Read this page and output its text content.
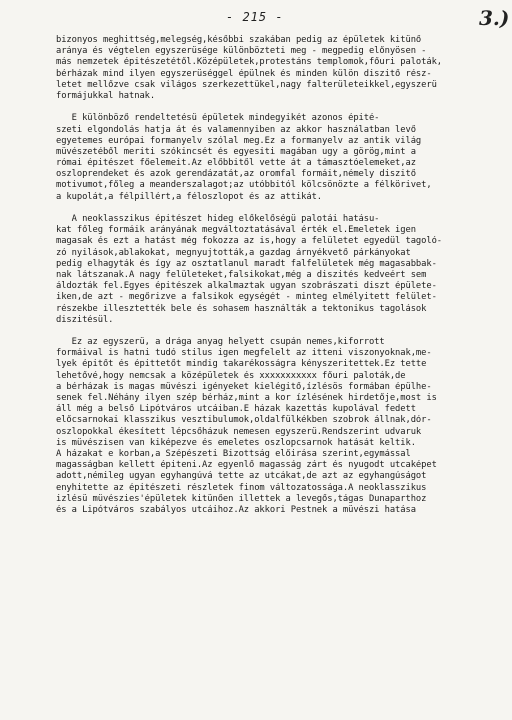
- 215 -	3.)
bizonyos meghittség,melegség,későbbi szakában pedig az épületek kitünő
aránya és végtelen egyszerüsége különbözteti meg - megpedig előnyösen -
más nemzetek épitészetétől.Középületek,protestáns templomok,főuri paloták,
bérházak mind ilyen egyszerüséggel épülnek és minden külön diszitő rész-
letet mellőzve csak világos szerkezettükel,nagy falterületeikkel,egyszerü
formájukkal hatnak.
E különböző rendeltetésü épületek mindegyikét azonos épité-
szeti elgondolás hatja át és valamennyiben az akkor használatban levő
egyetemes európai formanyelv szólal meg.Ez a formanyelv az antik világ
müvészetéből meriti szókincsét és egyesiti magában ugy a görög,mint a
római épitészet főelemeit.Az előbbitől vette át a támasztóelemeket,az
oszloprendeket és azok gerendázatát,az oromfal formáit,némely diszitő
motivumot,főleg a meanderszalagot;az utóbbitól kölcsönözte a félkörivet,
a kupolát,a félpillért,a féloszlopot és az attikát.
A neoklasszikus épitészet hideg előkelőségü palotái hatásu-
kat főleg formáik arányának megváltoztatásával érték el.Emeletek igen
magasak és ezt a hatást még fokozza az is,hogy a felületet egyedül tagoló-
zó nyilások,ablakokat, megnyujtották,a gazdag árnyékvető párkányokat
pedig elhagyták és így az osztatlanul maradt falfelületek még magasabbak-
nak látszanak.A nagy felületeket,falsikokat,még a diszités kedveért sem
áldozták fel.Egyes épitészek alkalmaztak ugyan szobrászati diszt épülete-
iken,de azt - megőrizve a falsikok egységét - minteg elmélyitett felület-
részekbe illesztették bele és sohasem használták a tektonikus tagolások
diszitésül.
Ez az egyszerü, a drága anyag helyett csupán nemes,kiforrott
formáival is hatni tudó stilus igen megfelelt az itteni viszonyoknak,me-
lyek épitőt és épittetőt mindig takarékosságra kényszeritettek.Ez tette
lehetővé,hogy nemcsak a középületek és xxxxxxxxxxx főuri paloták,de
a bérházak is magas müvészi igényeket kielégitő,ízlésös formában épülhe-
senek fel.Néhány ilyen szép bérház,mint a kor ízlésének hirdetője,most is
áll még a belső Lipótváros utcáiban.E házak kazettás kupolával fedett
előcsarnokai klasszikus vesztibulumok,oldalfülkékben szobrok állnak,dór-
oszlopokkal ékesített lépcsőházuk nemesen egyszerü.Rendszerint udvaruk
is müvészisen van kiképezve és emeletes oszlopcsarnok hatását keltik.
A házakat e korban,a Szépészeti Bizottság előirása szerint,egymással
magasságban kellett épiteni.Az egyenlő magasság zárt és nyugodt utcaképet
adott,némileg ugyan egyhangúvá tette az utcákat,de azt az egyhangúságot
enyhitette az épitészeti részletek finom változatossága.A neoklasszikus
izlésü müvészies'épületek kitünően illettek a levegős,tágas Dunaparthoz
és a Lipótváros szabályos utcáihoz.Az akkori Pestnek a müvészi hatása
